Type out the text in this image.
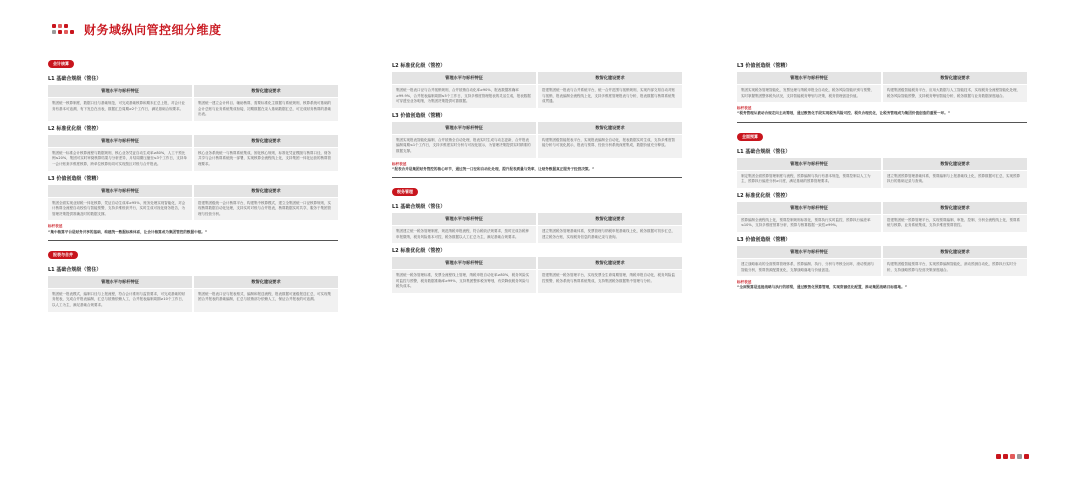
财务域纵向管控细分维度
会计核算
L1 基础合规级（管住）
管理水平与标杆特征	数智化建设要求
集团统一核算制度，数据口径与基础规范，可完成基础核算和期末汇总上报，对会计业务有基本可追溯，有下发总在出表，数据汇总周期≥2个工作日，满足基础合规要求。
集团统一建立会计科目、辅助核算，需要标准化主数据与系统规则，核算系统可基础的会计总账与业务系统集成衔接，初期数据在录入基础数据汇总，可完成财务核算的基础出表。
L2 标准优化级（管控）
管理水平与标杆特征	数智化建设要求
集团统一标准会计核算流程与数据规则，核心业务凭证自动生成率≥80%，人工干预比例≤20%，集团可实时审阅核算结果与分析差异，月结周期压缩至≤3个工作日，支持单一会计账套多维度核算，跨单位核算协同可实现按区对账与合并报表。
核心业务系统统一与核算系统集成，固化核心规则，标准化凭证模版与核算口径，财务共享与会计核算系统统一部署，实现核算全流程线上化，支持集团一体化运营的核算管理要求。
L3 价值创造级（管精）
管理水平与标杆特征	数智化建设要求
集团全面实现业财税一体化核算，凭证自动生成率≥95%，账务处理实现智能化，对会计核算全流程自动校验与智能预警，支持多维账套并行，实时生成可视化财务报告，为管理决策提供准确及时的数据支撑。
搭建集团级统一会计核算平台，构建集中核算模式，建立全集团统一口径核算规则，实现核算数据自动化处理，支持实时对账与合并报表，核算数据实时共享，服务于集团管理与经营分析。
标杆表述
“集中核算平台是财务共享的基础，构建统一数据标准体系，让会计核算成为集团管控的数据中枢。”
报表与合并
L1 基础合规级（管住）
管理水平与标杆特征	数智化建设要求
集团统一报表模式，编制口径与上报流程，符合会计准则与监管要求，可完成基础的财务报表，完成合并报表编制，汇总与抵销依赖人工，合并报表编制周期≥10个工作日，以人工为主，满足基础合规要求。
集团统一报表口径与报表格式，编制和报送流程，报表数据可逐级报送汇总，可实现集团合并报表的基础编制，汇总与抵销部分依赖人工，保证合并报表的可追溯。
L2 标准优化级（管控）
管理水平与标杆特征	数智化建设要求
集团统一报表口径与合并抵销规则，合并抵销自动化率≥90%，报表数据准确率≥99.9%，合并报表编制周期≤5个工作日，支持多维度管理报表的灵活生成，报表数据可穿透至业务明细，为集团决策提供可靠数据。
搭建集团统一报表与合并系统平台，统一合并范围与抵销规则，实现内部交易自动对账与抵销，报表编制全流程线上化，支持多维度管理报表与分析，报表数据与核算系统集成贯通。
L3 价值创造级（管精）
管理水平与标杆特征	数智化建设要求
集团实现报表智能化编制，合并抵销全自动处理，报表实时生成与动态更新，合并报表编制周期≤1个工作日，支持多维度实时分析与可视化展示，为管理决策提供实时精准的数据支撑。
构建集团级智能报表平台，实现报表编制全自动化，报表数据实时生成，支持多维度智能分析与可视化展示，报表与预算、经营分析系统深度集成，数据价值充分释放。
标杆表述
“报表合并是集团财务管控的核心环节，通过统一口径和自动化处理，提升报表质量与效率，让财务数据真正服务于经营决策。”
税务管理
L1 基础合规级（管住）
管理水平与标杆特征	数智化建设要求
集团建立统一税务管理制度，规范纳税申报流程，符合税收法规要求，按时完成各税种申报缴纳，税务风险基本可控，税务数据以人工汇总为主，满足基础合规要求。
建立集团税务管理基础体系，发票管理与纳税申报基础线上化，税务数据可初步汇总，建立税务台账，实现税务信息的基础记录与查询。
L2 标准优化级（管控）
管理水平与标杆特征	数智化建设要求
集团统一税务管理标准，发票全流程线上管理，纳税申报自动化率≥80%，税务风险实时监控与预警，税务数据准确率≥99%，支持集团整体税务筹划，有效降低税务风险与税负成本。
搭建集团统一税务管理平台，实现发票全生命周期管理，纳税申报自动化，税务风险监控预警，税务系统与核算系统集成，支持集团税务数据集中管理与分析。
L3 价值创造级（管精）
管理水平与标杆特征	数智化建设要求
集团实现税务管理智能化，发票处理与纳税申报全自动化，税务风险智能识别与预警，实时掌握集团整体税负状况，支持智能税务筹划与决策，税务管理创造价值。
构建集团级智能税务平台，应用大数据与人工智能技术，实现税务全流程智能化处理，税务风险智能预警，支持税务筹划智能分析，税务数据与业务数据深度融合。
标杆表述
“税务管理从被动合规走向主动筹划，通过数智化手段实现税务风险可控、税负合理优化，让税务管理成为集团价值创造的重要一环。”
全面预算
L1 基础合规级（管住）
管理水平与标杆特征	数智化建设要求
制定集团全面预算管理制度与流程，预算编制与执行有基本规范，预算控制以人工为主，预算执行偏差分析≥月度，满足基础的预算管理要求。
建立集团预算管理基础体系，预算编制与上报基础线上化，预算数据可汇总，实现预算执行的基础记录与查询。
L2 标准优化级（管控）
管理水平与标杆特征	数智化建设要求
预算编制全流程线上化，预算控制规则标准化，预算执行实时监控，预算执行偏差率≤10%，支持多维度预算分析，预算与核算数据一致性≥99%。
搭建集团统一预算管理平台，实现预算编制、审批、控制、分析全流程线上化，预算系统与核算、业务系统集成，支持多维度预算管控。
L3 价值创造级（管精）
管理水平与标杆特征	数智化建设要求
建立战略驱动的全面预算管理体系，预算编制、执行、分析与考核全闭环，滚动预测与智能分析，预算资源配置优化，支撑战略落地与价值创造。
构建集团级智能预算平台，实现预算编制智能化，滚动预测自动化，预算执行实时分析，支持战略预算与经营决策深度融合。
标杆表述
“全面预算是连接战略与执行的桥梁，通过数智化预算管理，实现资源优化配置，推动集团战略目标落地。”
